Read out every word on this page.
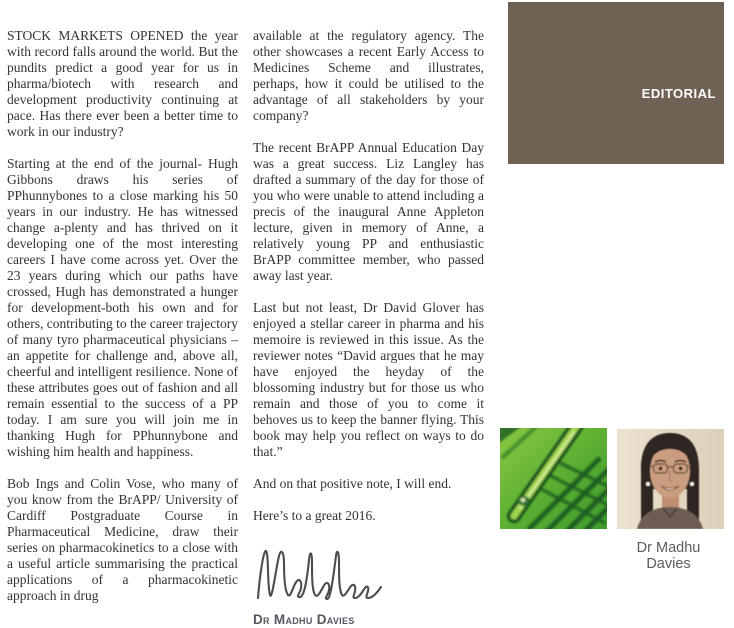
STOCK MARKETS OPENED the year with record falls around the world. But the pundits predict a good year for us in pharma/biotech with research and development productivity continuing at pace. Has there ever been a better time to work in our industry?

Starting at the end of the journal- Hugh Gibbons draws his series of PPhunnybones to a close marking his 50 years in our industry. He has witnessed change a-plenty and has thrived on it developing one of the most interesting careers I have come across yet. Over the 23 years during which our paths have crossed, Hugh has demonstrated a hunger for development-both his own and for others, contributing to the career trajectory of many tyro pharmaceutical physicians – an appetite for challenge and, above all, cheerful and intelligent resilience. None of these attributes goes out of fashion and all remain essential to the success of a PP today. I am sure you will join me in thanking Hugh for PPhunnybone and wishing him health and happiness.

Bob Ings and Colin Vose, who many of you know from the BrAPP/ University of Cardiff Postgraduate Course in Pharmaceutical Medicine, draw their series on pharmacokinetics to a close with a useful article summarising the practical applications of a pharmacokinetic approach in drug

available at the regulatory agency. The other showcases a recent Early Access to Medicines Scheme and illustrates, perhaps, how it could be utilised to the advantage of all stakeholders by your company?

The recent BrAPP Annual Education Day was a great success. Liz Langley has drafted a summary of the day for those of you who were unable to attend including a precis of the inaugural Anne Appleton lecture, given in memory of Anne, a relatively young PP and enthusiastic BrAPP committee member, who passed away last year.

Last but not least, Dr David Glover has enjoyed a stellar career in pharma and his memoire is reviewed in this issue. As the reviewer notes “David argues that he may have enjoyed the heyday of the blossoming industry but for those us who remain and those of you to come it behoves us to keep the banner flying. This book may help you reflect on ways to do that.”

And on that positive note, I will end.

Here’s to a great 2016.

Dr Madhu Davies
EDITORIAL
Dr Madhu Davies
